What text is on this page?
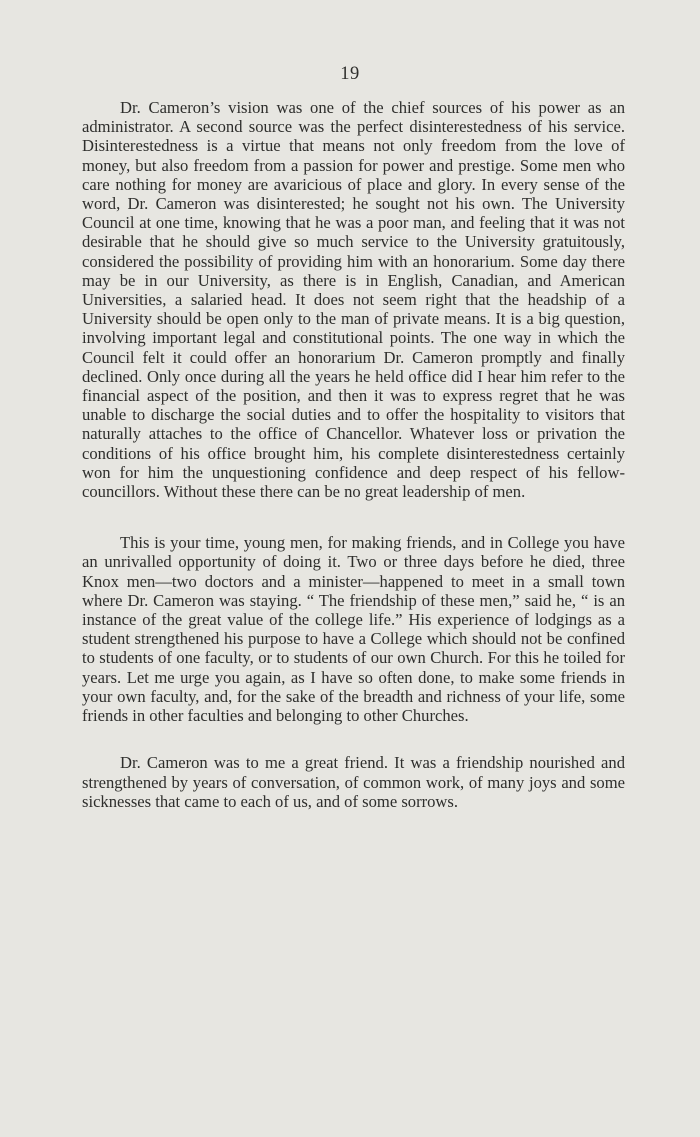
19

Dr. Cameron’s vision was one of the chief sources of his power as an administrator. A second source was the perfect disinterestedness of his service. Disinterestedness is a virtue that means not only freedom from the love of money, but also freedom from a passion for power and prestige. Some men who care nothing for money are avaricious of place and glory. In every sense of the word, Dr. Cameron was disinterested; he sought not his own. The University Council at one time, knowing that he was a poor man, and feeling that it was not desirable that he should give so much service to the University gratuitously, considered the possibility of providing him with an honorarium. Some day there may be in our University, as there is in English, Canadian, and American Universities, a salaried head. It does not seem right that the headship of a University should be open only to the man of private means. It is a big question, involving important legal and constitutional points. The one way in which the Council felt it could offer an honorarium Dr. Cameron promptly and finally declined. Only once during all the years he held office did I hear him refer to the financial aspect of the position, and then it was to express regret that he was unable to discharge the social duties and to offer the hospitality to visitors that naturally attaches to the office of Chancellor. Whatever loss or privation the conditions of his office brought him, his complete disinterestedness certainly won for him the unquestioning confidence and deep respect of his fellow-councillors. Without these there can be no great leadership of men.

This is your time, young men, for making friends, and in College you have an unrivalled opportunity of doing it. Two or three days before he died, three Knox men—two doctors and a minister—happened to meet in a small town where Dr. Cameron was staying. “ The friendship of these men,” said he, “ is an instance of the great value of the college life.” His experience of lodgings as a student strengthened his purpose to have a College which should not be confined to students of one faculty, or to students of our own Church. For this he toiled for years. Let me urge you again, as I have so often done, to make some friends in your own faculty, and, for the sake of the breadth and richness of your life, some friends in other faculties and belonging to other Churches.

Dr. Cameron was to me a great friend. It was a friendship nourished and strengthened by years of conversation, of common work, of many joys and some sicknesses that came to each of us, and of some sorrows.
